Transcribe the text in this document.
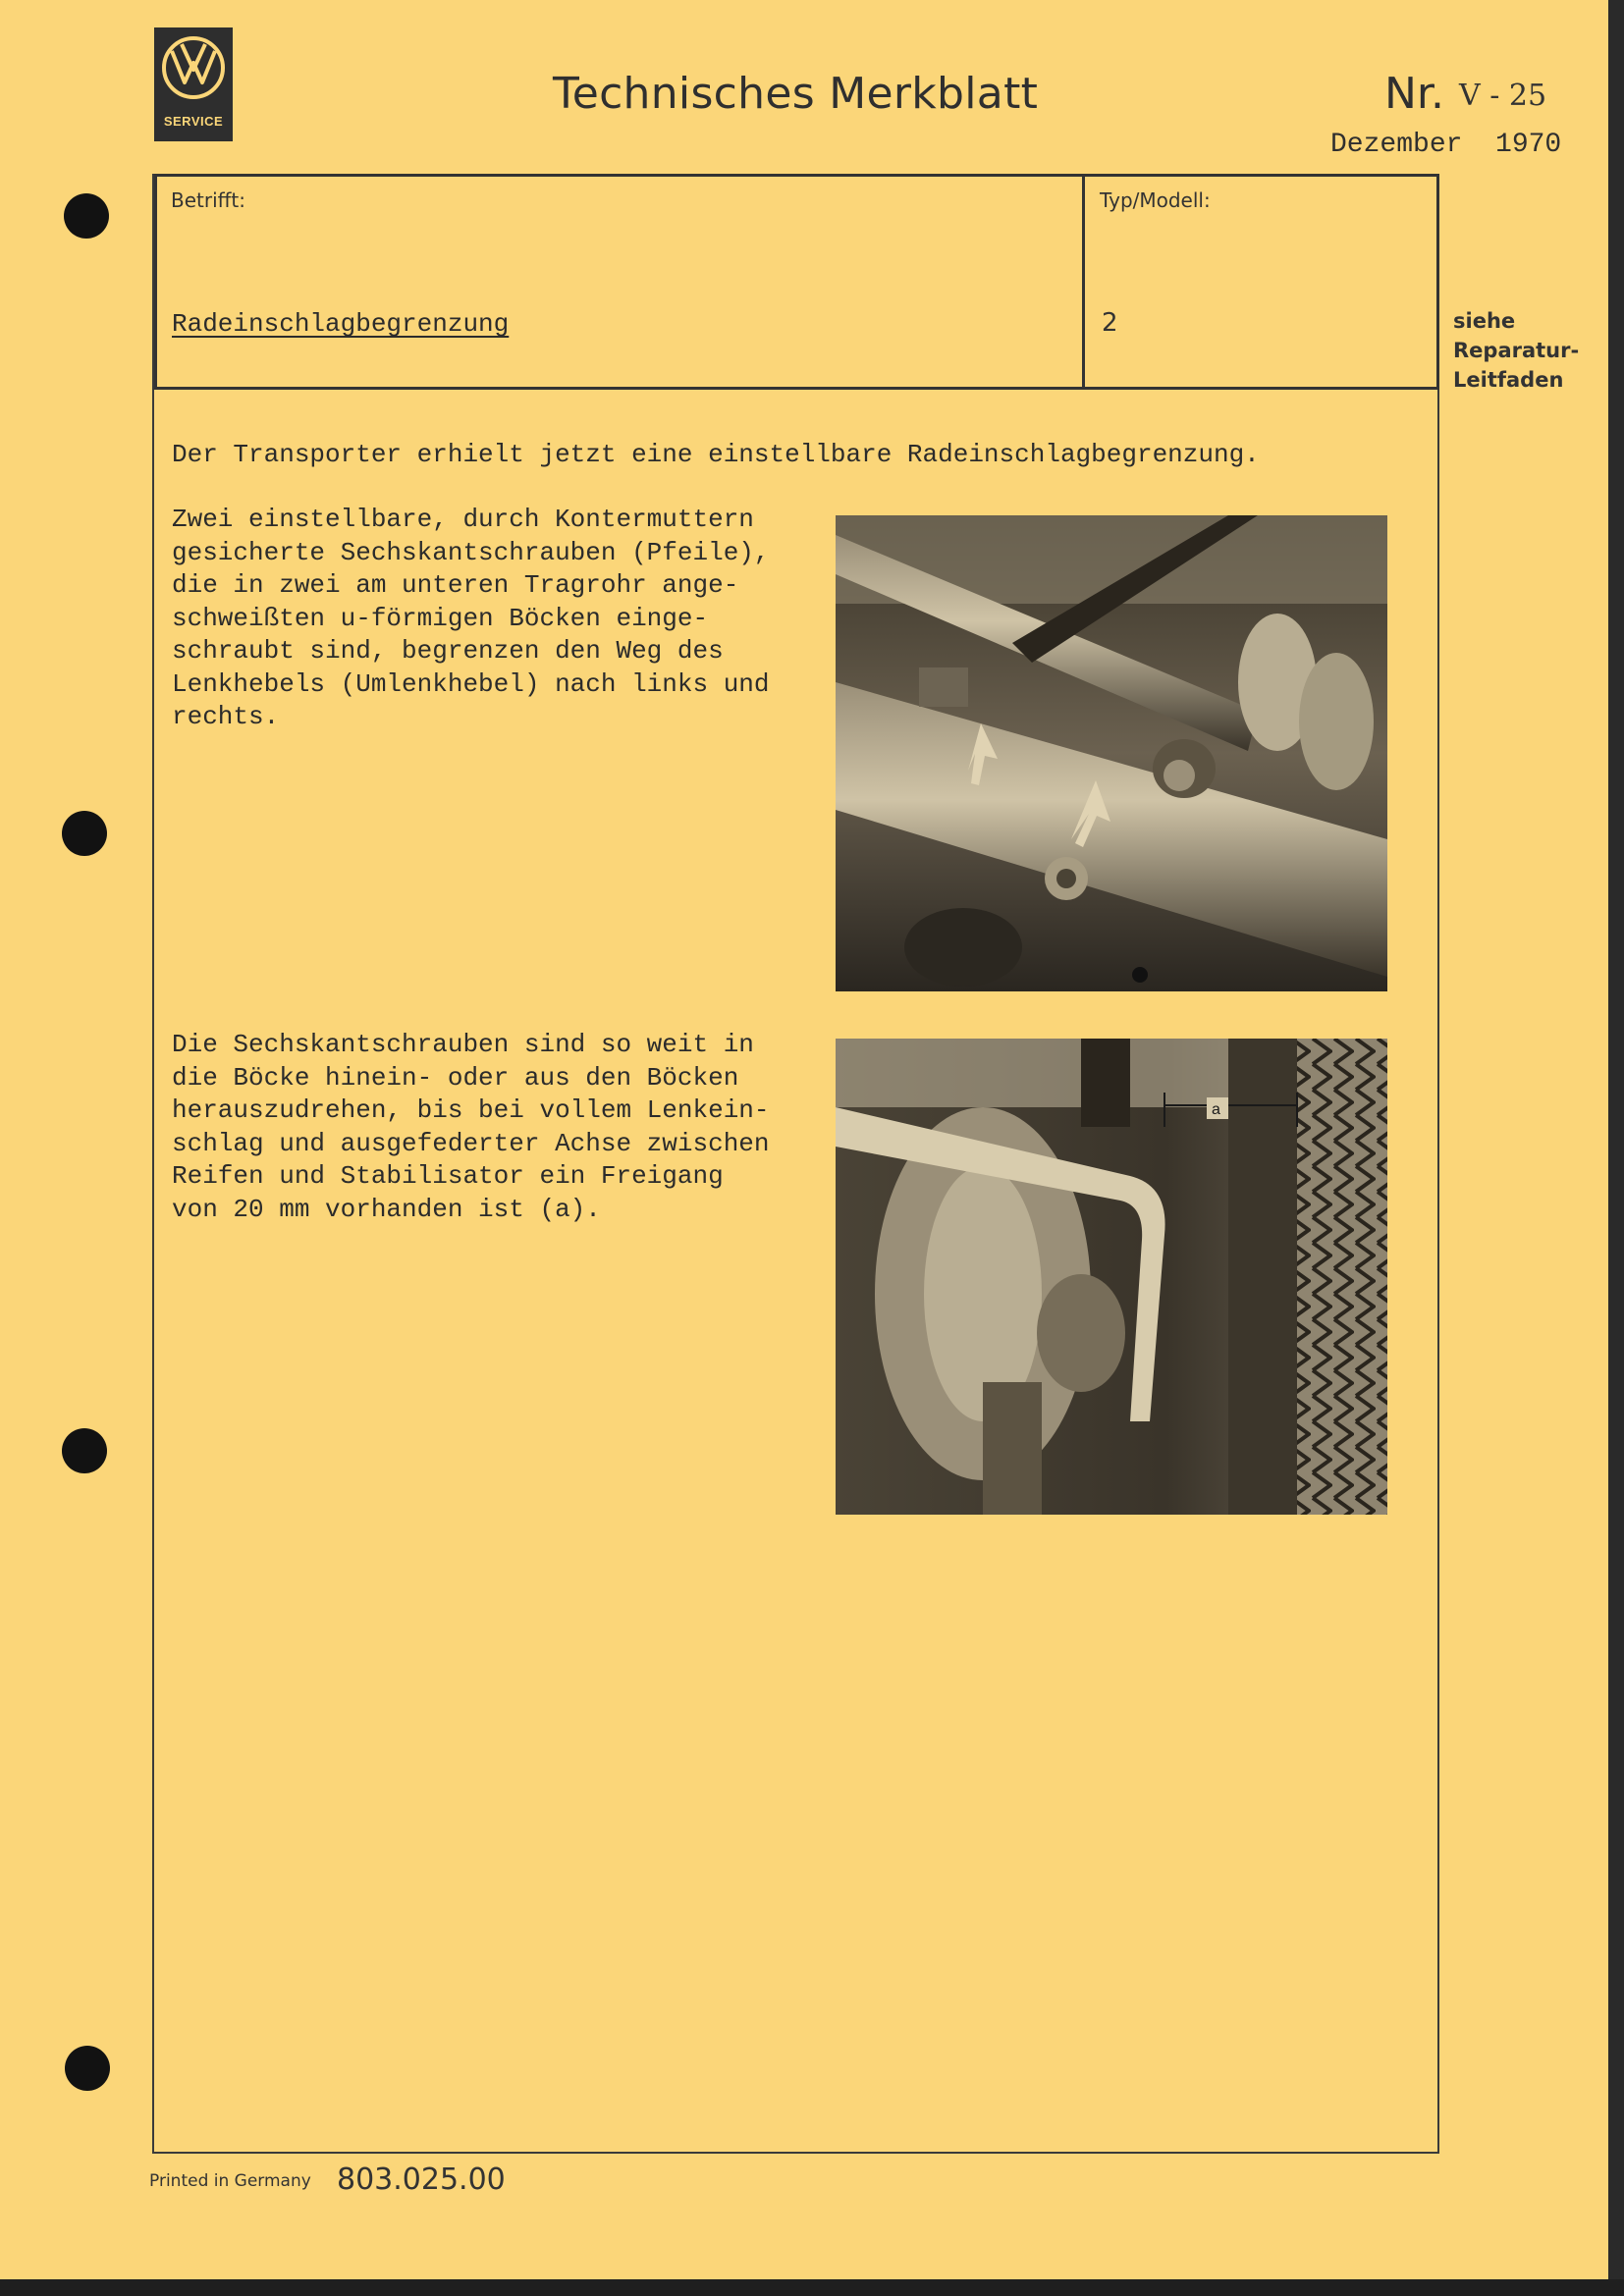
SERVICE
Technisches Merkblatt	Nr. V - 25
Dezember  1970
Betrifft:	Typ/Modell:
Radeinschlagbegrenzung	2	siehe
Reparatur-
Leitfaden
Der Transporter erhielt jetzt eine einstellbare Radeinschlagbegrenzung.
Zwei einstellbare, durch Kontermuttern
gesicherte Sechskantschrauben (Pfeile),
die in zwei am unteren Tragrohr ange-
schweißten u-förmigen Böcken einge-
schraubt sind, begrenzen den Weg des
Lenkhebels (Umlenkhebel) nach links und
rechts.
Die Sechskantschrauben sind so weit in
die Böcke hinein- oder aus den Böcken
herauszudrehen, bis bei vollem Lenkein-
schlag und ausgefederter Achse zwischen
Reifen und Stabilisator ein Freigang
von 20 mm vorhanden ist (a).
a
Printed in Germany 803.025.00
